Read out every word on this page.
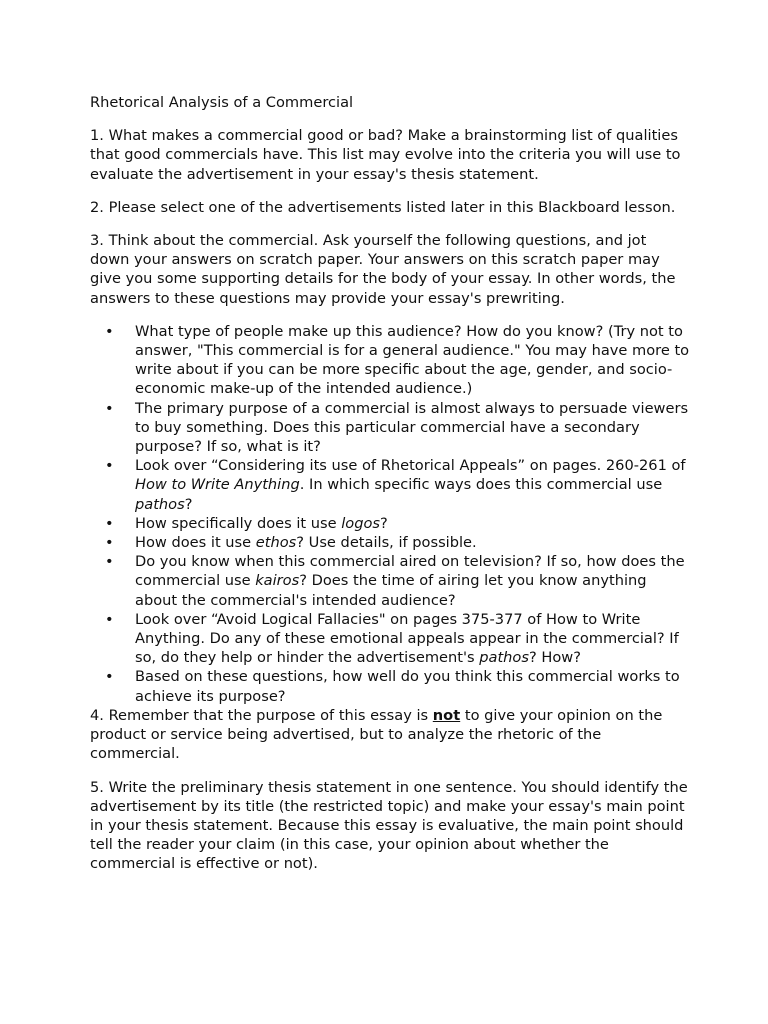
Rhetorical Analysis of a Commercial
1. What makes a commercial good or bad? Make a brainstorming list of qualities that good commercials have. This list may evolve into the criteria you will use to evaluate the advertisement in your essay's thesis statement.
2. Please select one of the advertisements listed later in this Blackboard lesson.
3. Think about the commercial. Ask yourself the following questions, and jot down your answers on scratch paper. Your answers on this scratch paper may give you some supporting details for the body of your essay. In other words, the answers to these questions may provide your essay's prewriting.
• What type of people make up this audience? How do you know? (Try not to answer, "This commercial is for a general audience." You may have more to write about if you can be more specific about the age, gender, and socio-economic make-up of the intended audience.)
• The primary purpose of a commercial is almost always to persuade viewers to buy something. Does this particular commercial have a secondary purpose? If so, what is it?
• Look over “Considering its use of Rhetorical Appeals” on pages. 260-261 of How to Write Anything. In which specific ways does this commercial use pathos?
• How specifically does it use logos?
• How does it use ethos? Use details, if possible.
• Do you know when this commercial aired on television? If so, how does the commercial use kairos? Does the time of airing let you know anything about the commercial's intended audience?
• Look over “Avoid Logical Fallacies" on pages 375-377 of How to Write Anything. Do any of these emotional appeals appear in the commercial? If so, do they help or hinder the advertisement's pathos? How?
• Based on these questions, how well do you think this commercial works to achieve its purpose?
4. Remember that the purpose of this essay is not to give your opinion on the product or service being advertised, but to analyze the rhetoric of the commercial.
5. Write the preliminary thesis statement in one sentence. You should identify the advertisement by its title (the restricted topic) and make your essay's main point in your thesis statement. Because this essay is evaluative, the main point should tell the reader your claim (in this case, your opinion about whether the commercial is effective or not).
